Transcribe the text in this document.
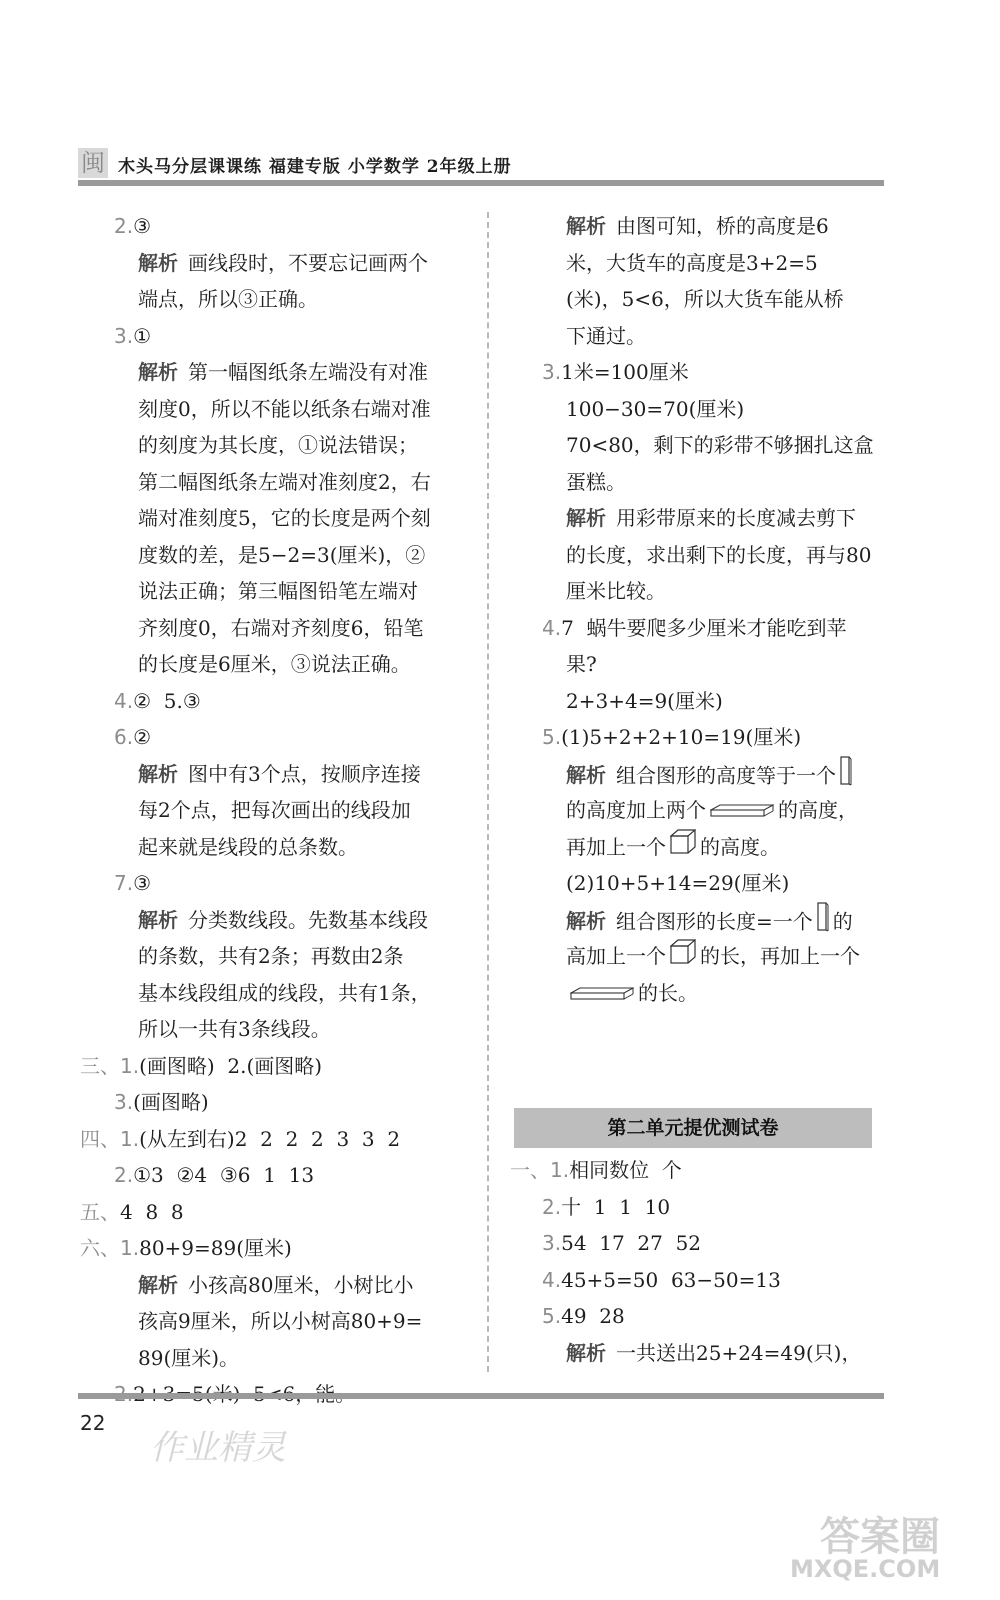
闽 木头马分层课课练 福建专版 小学数学 2年级上册
2.③
解析 画线段时，不要忘记画两个
端点，所以③正确。
3.①
解析 第一幅图纸条左端没有对准
刻度0，所以不能以纸条右端对准
的刻度为其长度，①说法错误；
第二幅图纸条左端对准刻度2，右
端对准刻度5，它的长度是两个刻
度数的差，是5−2=3(厘米)，②
说法正确；第三幅图铅笔左端对
齐刻度0，右端对齐刻度6，铅笔
的长度是6厘米，③说法正确。
4.②  5.③
6.②
解析 图中有3个点，按顺序连接
每2个点，把每次画出的线段加
起来就是线段的总条数。
7.③
解析 分类数线段。先数基本线段
的条数，共有2条；再数由2条
基本线段组成的线段，共有1条，
所以一共有3条线段。
三、1.(画图略)  2.(画图略)
3.(画图略)
四、1.(从左到右)2  2  2  2  3  3  2
2.①3  ②4  ③6  1  13
五、4  8  8
六、1.80+9=89(厘米)
解析 小孩高80厘米，小树比小
孩高9厘米，所以小树高80+9=
89(厘米)。
解析 由图可知，桥的高度是6
米，大货车的高度是3+2=5
(米)，5<6，所以大货车能从桥
下通过。
3.1米=100厘米
100−30=70(厘米)
70<80，剩下的彩带不够捆扎这盒
蛋糕。
解析 用彩带原来的长度减去剪下
的长度，求出剩下的长度，再与80
厘米比较。
4.7  蜗牛要爬多少厘米才能吃到苹
果?
2+3+4=9(厘米)
5.(1)5+2+2+10=19(厘米)
解析 组合图形的高度等于一个
的高度加上两个	的高度，
再加上一个 的高度。
(2)10+5+14=29(厘米)
解析 组合图形的长度=一个 的
高加上一个 的长，再加上一个
的长。
第二单元提优测试卷
一、1.相同数位  个
2.十  1  1  10
3.54  17  27  52
4.45+5=50  63−50=13
5.49  28
解析 一共送出25+24=49(只)，
22
作业精灵
答案圈
MXQE.COM
